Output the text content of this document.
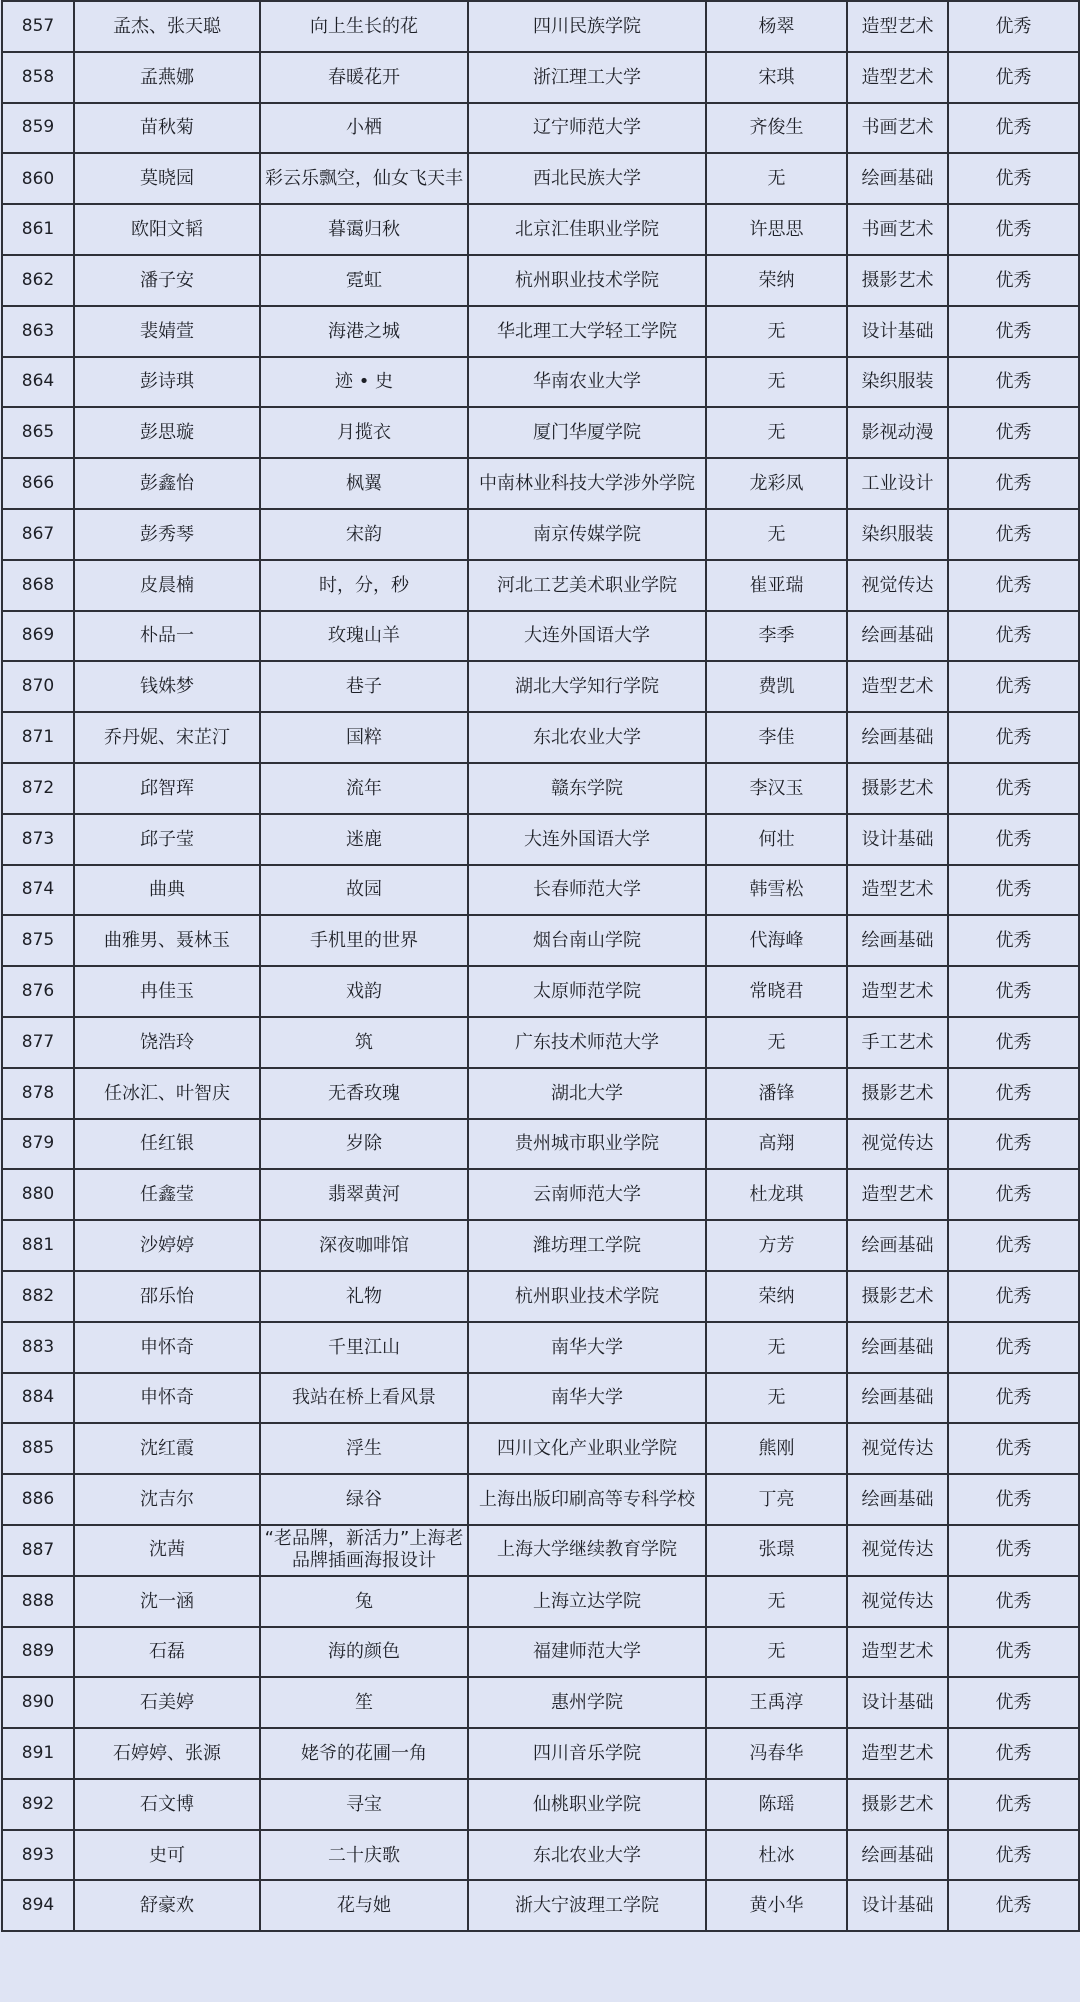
857	孟杰、张天聪	向上生长的花	四川民族学院	杨翠	造型艺术	优秀
858	孟燕娜	春暖花开	浙江理工大学	宋琪	造型艺术	优秀
859	苗秋菊	小栖	辽宁师范大学	齐俊生	书画艺术	优秀
860	莫晓园	彩云乐飘空，仙女飞天丰	西北民族大学	无	绘画基础	优秀
861	欧阳文韬	暮霭归秋	北京汇佳职业学院	许思思	书画艺术	优秀
862	潘子安	霓虹	杭州职业技术学院	荣纳	摄影艺术	优秀
863	裴婧萱	海港之城	华北理工大学轻工学院	无	设计基础	优秀
864	彭诗琪	迹 • 史	华南农业大学	无	染织服装	优秀
865	彭思璇	月揽衣	厦门华厦学院	无	影视动漫	优秀
866	彭鑫怡	枫翼	中南林业科技大学涉外学院	龙彩凤	工业设计	优秀
867	彭秀琴	宋韵	南京传媒学院	无	染织服装	优秀
868	皮晨楠	时，分，秒	河北工艺美术职业学院	崔亚瑞	视觉传达	优秀
869	朴品一	玫瑰山羊	大连外国语大学	李季	绘画基础	优秀
870	钱姝梦	巷子	湖北大学知行学院	费凯	造型艺术	优秀
871	乔丹妮、宋芷汀	国粹	东北农业大学	李佳	绘画基础	优秀
872	邱智珲	流年	赣东学院	李汉玉	摄影艺术	优秀
873	邱子莹	迷鹿	大连外国语大学	何壮	设计基础	优秀
874	曲典	故园	长春师范大学	韩雪松	造型艺术	优秀
875	曲雅男、聂林玉	手机里的世界	烟台南山学院	代海峰	绘画基础	优秀
876	冉佳玉	戏韵	太原师范学院	常晓君	造型艺术	优秀
877	饶浩玲	筑	广东技术师范大学	无	手工艺术	优秀
878	任冰汇、叶智庆	无香玫瑰	湖北大学	潘锋	摄影艺术	优秀
879	任红银	岁除	贵州城市职业学院	高翔	视觉传达	优秀
880	任鑫莹	翡翠黄河	云南师范大学	杜龙琪	造型艺术	优秀
881	沙婷婷	深夜咖啡馆	潍坊理工学院	方芳	绘画基础	优秀
882	邵乐怡	礼物	杭州职业技术学院	荣纳	摄影艺术	优秀
883	申怀奇	千里江山	南华大学	无	绘画基础	优秀
884	申怀奇	我站在桥上看风景	南华大学	无	绘画基础	优秀
885	沈红霞	浮生	四川文化产业职业学院	熊刚	视觉传达	优秀
886	沈吉尔	绿谷	上海出版印刷高等专科学校	丁亮	绘画基础	优秀
887	沈茜	“老品牌，新活力”上海老品牌插画海报设计	上海大学继续教育学院	张璟	视觉传达	优秀
888	沈一涵	兔	上海立达学院	无	视觉传达	优秀
889	石磊	海的颜色	福建师范大学	无	造型艺术	优秀
890	石美婷	笙	惠州学院	王禹淳	设计基础	优秀
891	石婷婷、张源	姥爷的花圃一角	四川音乐学院	冯春华	造型艺术	优秀
892	石文博	寻宝	仙桃职业学院	陈瑶	摄影艺术	优秀
893	史可	二十庆歌	东北农业大学	杜冰	绘画基础	优秀
894	舒豪欢	花与她	浙大宁波理工学院	黄小华	设计基础	优秀
